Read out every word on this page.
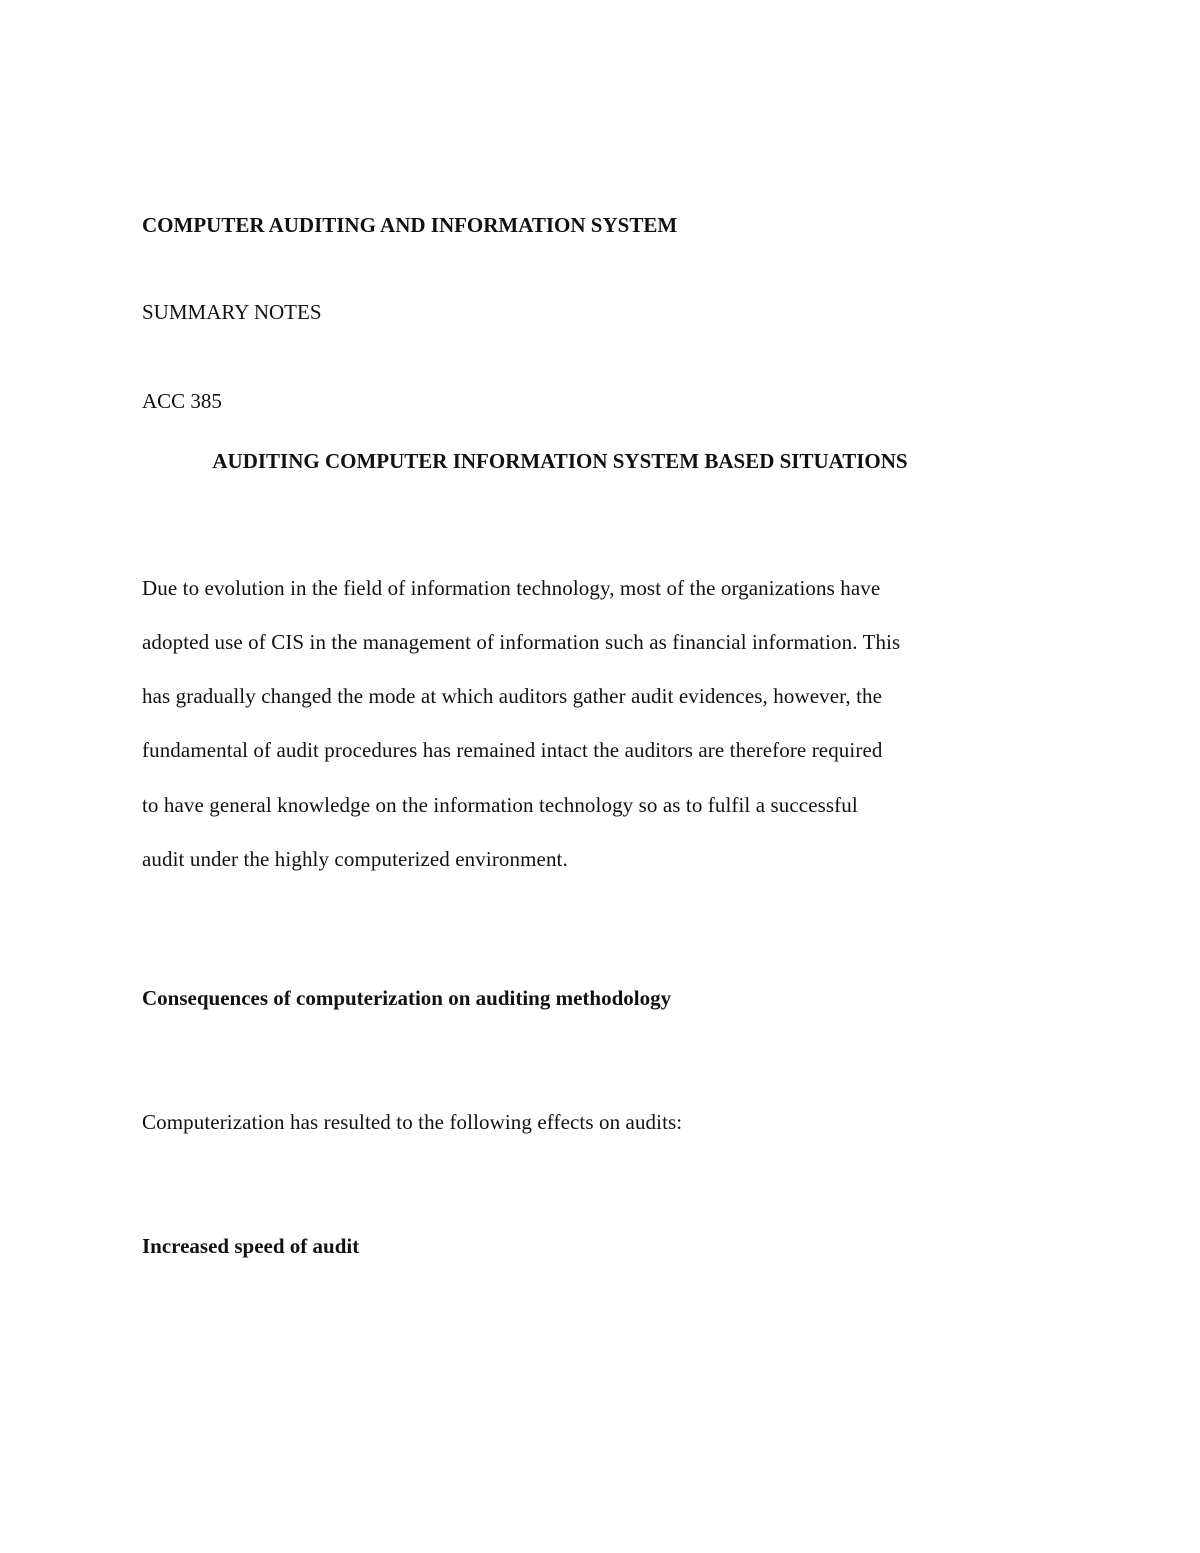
COMPUTER AUDITING AND INFORMATION SYSTEM

SUMMARY NOTES

ACC 385

AUDITING COMPUTER INFORMATION SYSTEM BASED SITUATIONS

Due to evolution in the field of information technology, most of the organizations have

adopted use of CIS in the management of information such as financial information. This

has gradually changed the mode at which auditors gather audit evidences, however, the

fundamental of audit procedures has remained intact the auditors are therefore required

to have general knowledge on the information technology so as to fulfil a successful

audit under the highly computerized environment.

Consequences of computerization on auditing methodology

Computerization has resulted to the following effects on audits:

Increased speed of audit
